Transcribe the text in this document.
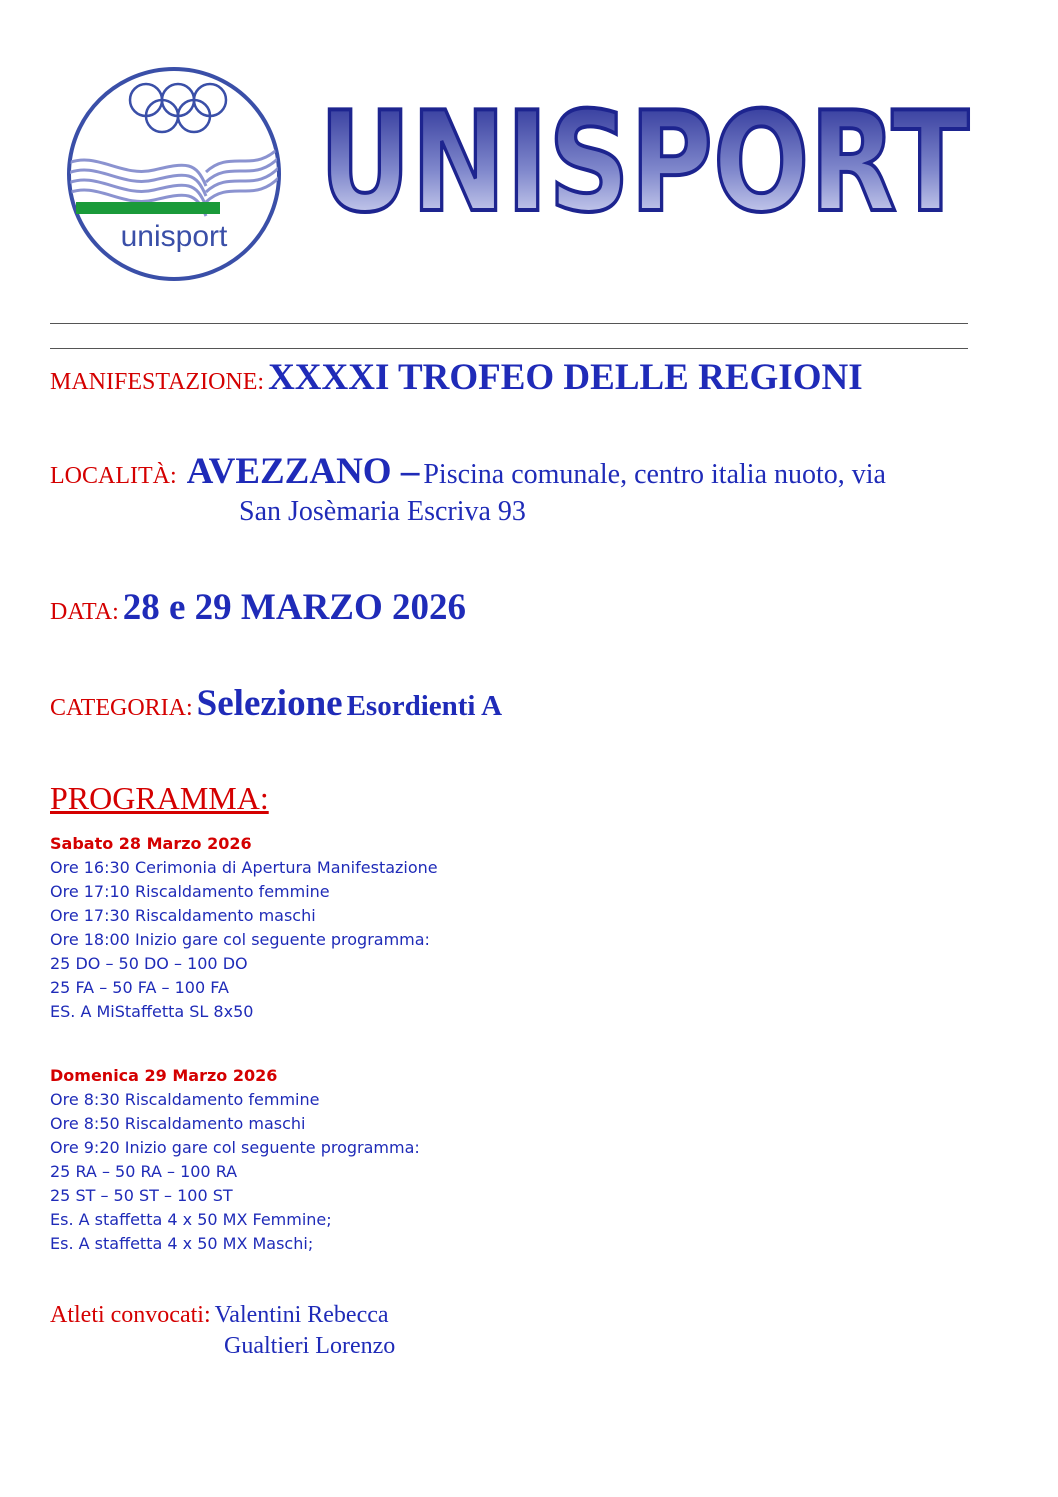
unisport UNISPORT
MANIFESTAZIONE: XXXXI TROFEO DELLE REGIONI
LOCALITÀ: AVEZZANO – Piscina comunale, centro italia nuoto, via
San Josèmaria Escriva 93
DATA: 28 e 29 MARZO 2026
CATEGORIA: Selezione Esordienti A
PROGRAMMA:
Sabato 28 Marzo 2026
Ore 16:30 Cerimonia di Apertura Manifestazione
Ore 17:10 Riscaldamento femmine
Ore 17:30 Riscaldamento maschi
Ore 18:00 Inizio gare col seguente programma:
25 DO – 50 DO – 100 DO
25 FA – 50 FA – 100 FA
ES. A MiStaffetta SL 8x50
Domenica 29 Marzo 2026
Ore 8:30 Riscaldamento femmine
Ore 8:50 Riscaldamento maschi
Ore 9:20 Inizio gare col seguente programma:
25 RA – 50 RA – 100 RA
25 ST – 50 ST – 100 ST
Es. A staffetta 4 x 50 MX Femmine;
Es. A staffetta 4 x 50 MX Maschi;
Atleti convocati: Valentini Rebecca
Gualtieri Lorenzo
